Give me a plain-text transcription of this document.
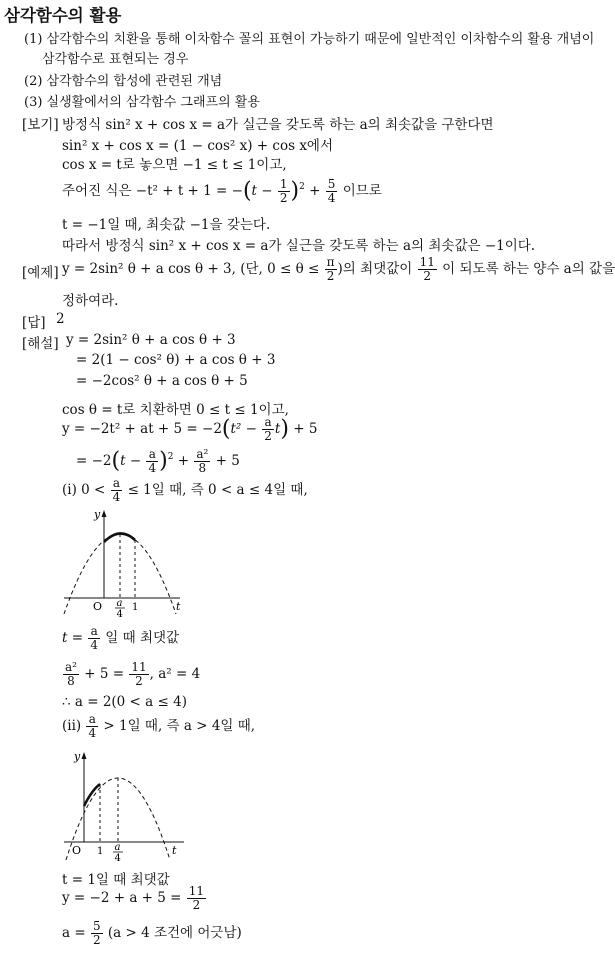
삼각함수의 활용
(1) 삼각함수의 치환을 통해 이차함수 꼴의 표현이 가능하기 때문에 일반적인 이차함수의 활용 개념이
삼각함수로 표현되는 경우
(2) 삼각함수의 합성에 관련된 개념
(3) 실생활에서의 삼각함수 그래프의 활용
[보기] 방정식 sin² x + cos x = a가 실근을 갖도록 하는 a의 최솟값을 구한다면
sin² x + cos x = (1 − cos² x) + cos x에서
cos x = t로 놓으면 −1 ≤ t ≤ 1이고,
주어진 식은 $-t^2 + t + 1 = -(t - \frac{1}{2} )^2 + \frac{5}{4}$ 이므로
t = −1일 때, 최솟값 −1을 갖는다.
따라서 방정식 sin² x + cos x = a가 실근을 갖도록 하는 a의 최솟값은 −1이다.
[예제] y = 2sin² θ + a cos θ + 3, (단, $0 \le \theta \le \frac{\pi}{2}$ )의 최댓값이 $\frac{11}{2}$ 이 되도록 하는 양수 a의 값을
정하여라.
[답] 2
[해설] y = 2sin² θ + a cos θ + 3
= 2(1 − cos² θ) + a cos θ + 3
= −2cos² θ + a cos θ + 5
cos θ = t로 치환하면 0 ≤ t ≤ 1이고,
y = −2t² + at + $5 = -2(t^2 - \frac{a}{2} t) + 5$
= $-2(t - \frac{a}{4} )^2 + \frac{\text{a²}}{8} + 5$
(i) $0 < \frac{a}{4} \le 1$일 때, 즉 0 < a ≤ 4일 때,
y
t
O a
4
1
$t = \frac{a}{4}$ 일 때 최댓값
$\frac{\text{a²}}{8} + 5 = \frac{11}{2}$ , a² = 4
∴ a = 2(0 < a ≤ 4)
$(ii) \frac{a}{4} > 1$일 때, 즉 a > 4일 때,
y
t
O 1 a
4
t = 1일 때 최댓값
$y = -2 + a + 5 = \frac{11}{2}$
$a = \frac{5}{2} (a > 4$ 조건에 어긋남)
